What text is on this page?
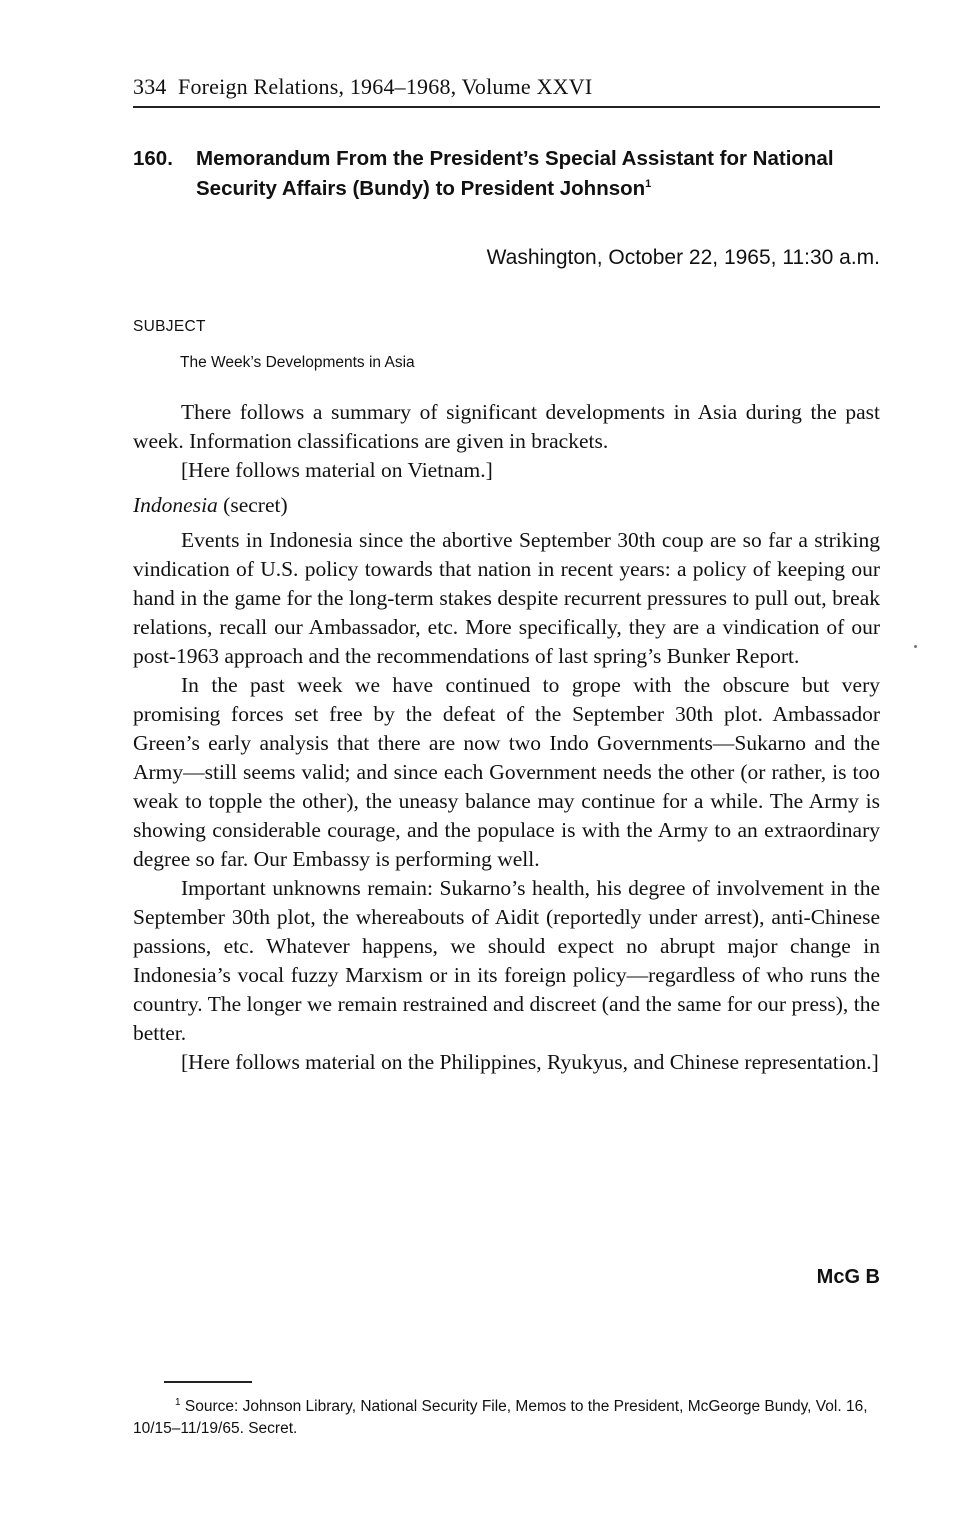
334 Foreign Relations, 1964–1968, Volume XXVI
160. Memorandum From the President’s Special Assistant for National Security Affairs (Bundy) to President Johnson$^1$
Washington, October 22, 1965, 11:30 a.m.
SUBJECT
The Week’s Developments in Asia

There follows a summary of significant developments in Asia during the past week. Information classifications are given in brackets.

[Here follows material on Vietnam.]

Indonesia (secret)

Events in Indonesia since the abortive September 30th coup are so far a striking vindication of U.S. policy towards that nation in recent years: a policy of keeping our hand in the game for the long-term stakes despite recurrent pressures to pull out, break relations, recall our Ambassador, etc. More specifically, they are a vindication of our post-1963 approach and the recommendations of last spring’s Bunker Report.

In the past week we have continued to grope with the obscure but very promising forces set free by the defeat of the September 30th plot. Ambassador Green’s early analysis that there are now two Indo Governments—Sukarno and the Army—still seems valid; and since each Government needs the other (or rather, is too weak to topple the other), the uneasy balance may continue for a while. The Army is showing considerable courage, and the populace is with the Army to an extraordinary degree so far. Our Embassy is performing well.

Important unknowns remain: Sukarno’s health, his degree of involvement in the September 30th plot, the whereabouts of Aidit (reportedly under arrest), anti-Chinese passions, etc. Whatever happens, we should expect no abrupt major change in Indonesia’s vocal fuzzy Marxism or in its foreign policy—regardless of who runs the country. The longer we remain restrained and discreet (and the same for our press), the better.

[Here follows material on the Philippines, Ryukyus, and Chinese representation.]

McG B
$^1$ Source: Johnson Library, National Security File, Memos to the President, McGeorge Bundy, Vol. 16, 10/15–11/19/65. Secret.
